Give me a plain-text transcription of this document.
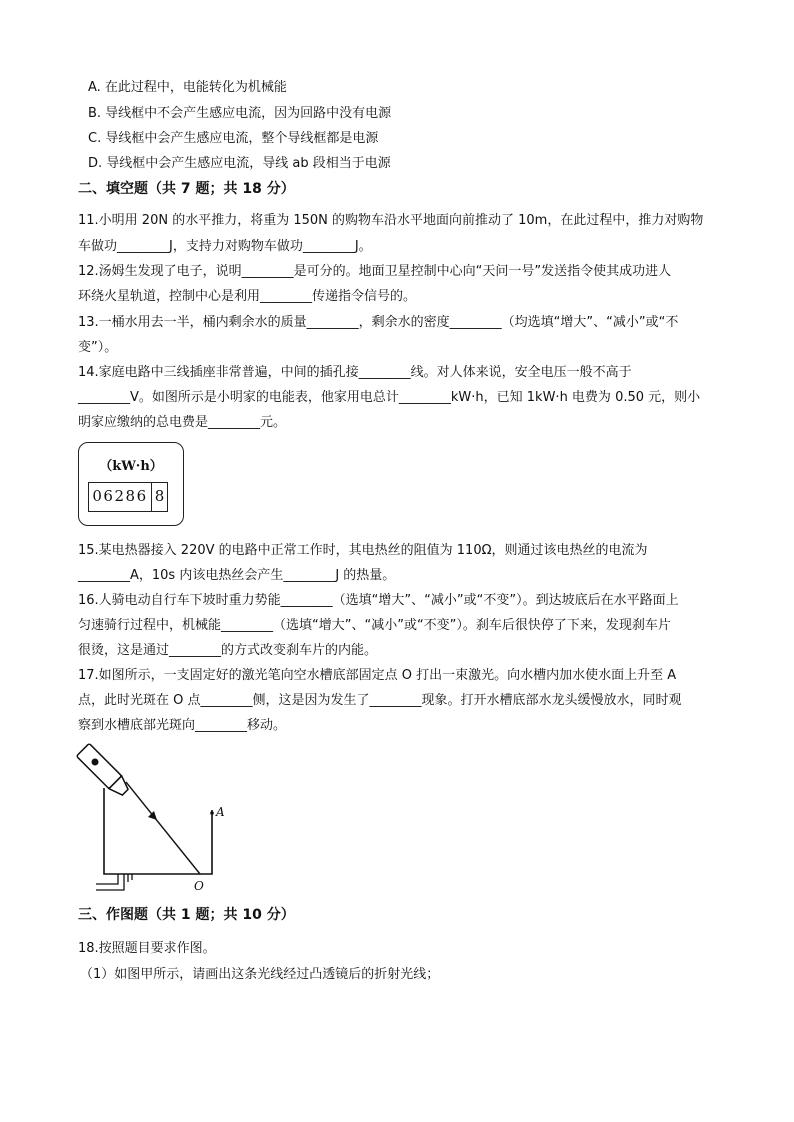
A. 在此过程中，电能转化为机械能
B. 导线框中不会产生感应电流，因为回路中没有电源
C. 导线框中会产生感应电流，整个导线框都是电源
D. 导线框中会产生感应电流，导线 ab 段相当于电源
二、填空题（共 7 题；共 18 分）
11.小明用 20N 的水平推力，将重为 150N 的购物车沿水平地面向前推动了 10m，在此过程中，推力对购物
车做功________J，支持力对购物车做功________J。
12.汤姆生发现了电子，说明________是可分的。地面卫星控制中心向“天问一号”发送指令使其成功进人
环绕火星轨道，控制中心是利用________传递指令信号的。
13.一桶水用去一半，桶内剩余水的质量________，剩余水的密度________（均选填“增大”、“减小”或“不
变”）。
14.家庭电路中三线插座非常普遍，中间的插孔接________线。对人体来说，安全电压一般不高于
________V。如图所示是小明家的电能表，他家用电总计________kW·h，已知 1kW·h 电费为 0.50 元，则小
明家应缴纳的总电费是________元。
（kW·h）
06286 8
15.某电热器接入 220V 的电路中正常工作时，其电热丝的阻值为 110Ω，则通过该电热丝的电流为
________A，10s 内该电热丝会产生________J 的热量。
16.人骑电动自行车下坡时重力势能________（选填“增大”、“减小”或“不变”）。到达坡底后在水平路面上
匀速骑行过程中，机械能________（选填“增大”、“减小”或“不变”）。刹车后很快停了下来，发现刹车片
很烫，这是通过________的方式改变刹车片的内能。
17.如图所示，一支固定好的激光笔向空水槽底部固定点 O 打出一束激光。向水槽内加水使水面上升至 A
点，此时光斑在 O 点________侧，这是因为发生了________现象。打开水槽底部水龙头缓慢放水，同时观
察到水槽底部光斑向________移动。
A
O
三、作图题（共 1 题；共 10 分）
18.按照题目要求作图。
（1）如图甲所示，请画出这条光线经过凸透镜后的折射光线；
